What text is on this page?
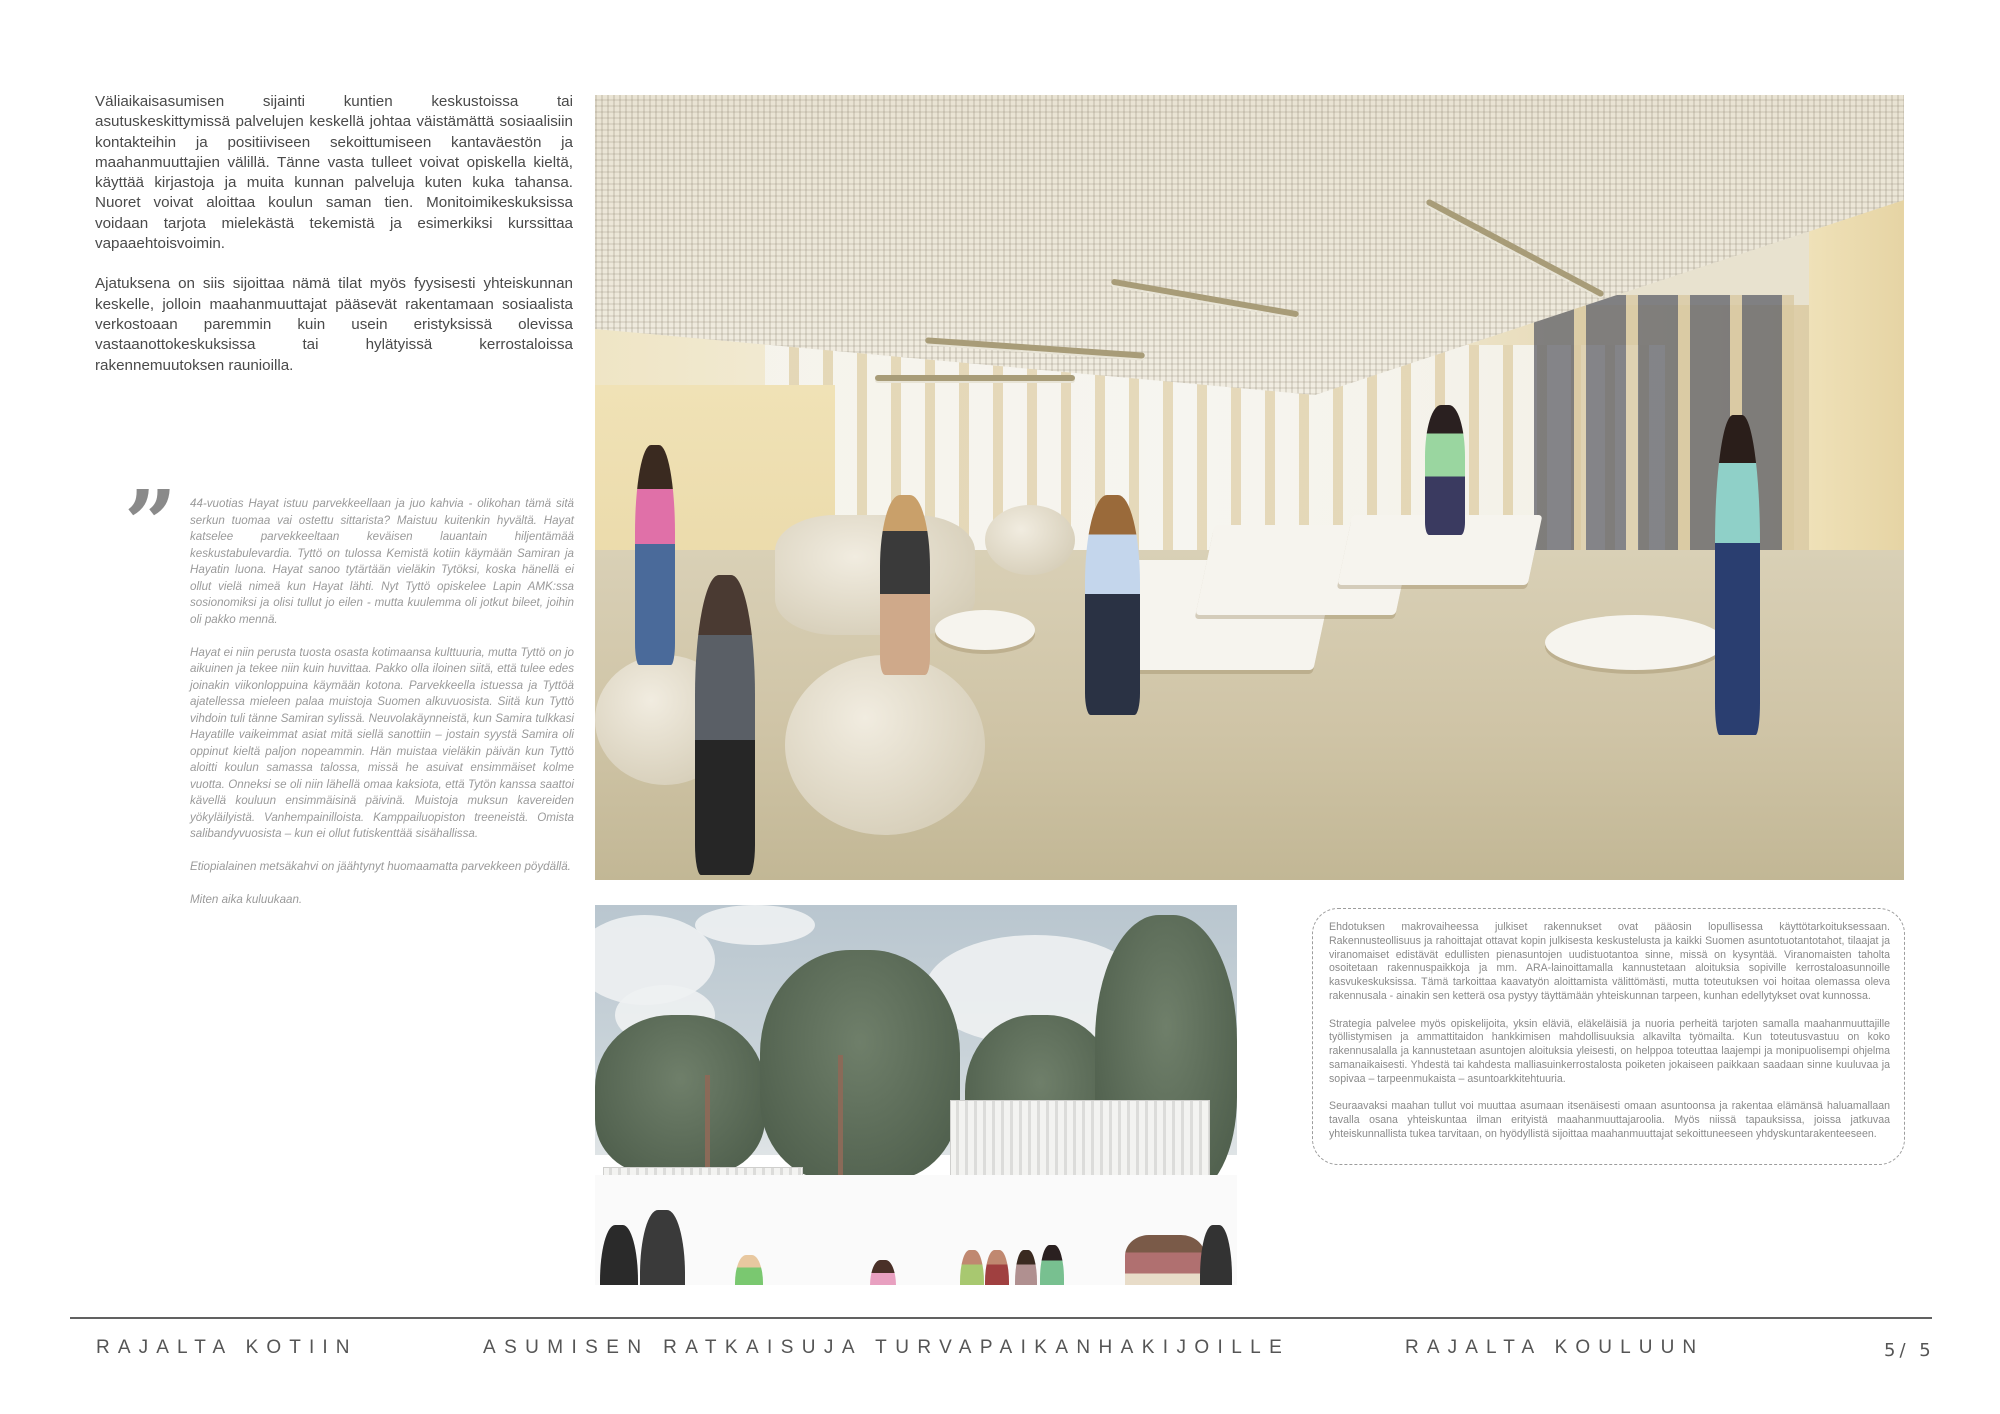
Väliaikaisasumisen sijainti kuntien keskustoissa tai asutuskeskittymissä palvelujen keskellä johtaa väistämättä sosiaalisiin kontakteihin ja positiiviseen sekoittumiseen kantaväestön ja maahanmuuttajien välillä. Tänne vasta tulleet voivat opiskella kieltä, käyttää kirjastoja ja muita kunnan palveluja kuten kuka tahansa. Nuoret voivat aloittaa koulun saman tien. Monitoimikeskuksissa voidaan tarjota mielekästä tekemistä ja esimerkiksi kurssittaa vapaaehtoisvoimin.

Ajatuksena on siis sijoittaa nämä tilat myös fyysisesti yhteiskunnan keskelle, jolloin maahanmuuttajat pääsevät rakentamaan sosiaalista verkostoaan paremmin kuin usein eristyksissä olevissa vastaanottokeskuksissa tai hylätyissä kerrostaloissa rakennemuutoksen raunioilla.

” 44-vuotias Hayat istuu parvekkeellaan ja juo kahvia - olikohan tämä sitä serkun tuomaa vai ostettu sittarista? Maistuu kuitenkin hyvältä. Hayat katselee parvekkeeltaan keväisen lauantain hiljentämää keskustabulevardia. Tyttö on tulossa Kemistä kotiin käymään Samiran ja Hayatin luona. Hayat sanoo tytärtään vieläkin Tytöksi, koska hänellä ei ollut vielä nimeä kun Hayat lähti. Nyt Tyttö opiskelee Lapin AMK:ssa sosionomiksi ja olisi tullut jo eilen - mutta kuulemma oli jotkut bileet, joihin oli pakko mennä.

Hayat ei niin perusta tuosta osasta kotimaansa kulttuuria, mutta Tyttö on jo aikuinen ja tekee niin kuin huvittaa. Pakko olla iloinen siitä, että tulee edes joinakin viikonloppuina käymään kotona. Parvekkeella istuessa ja Tyttöä ajatellessa mieleen palaa muistoja Suomen alkuvuosista. Siitä kun Tyttö vihdoin tuli tänne Samiran sylissä. Neuvolakäynneistä, kun Samira tulkkasi Hayatille vaikeimmat asiat mitä siellä sanottiin – jostain syystä Samira oli oppinut kieltä paljon nopeammin. Hän muistaa vieläkin päivän kun Tyttö aloitti koulun samassa talossa, missä he asuivat ensimmäiset kolme vuotta. Onneksi se oli niin lähellä omaa kaksiota, että Tytön kanssa saattoi kävellä kouluun ensimmäisinä päivinä. Muistoja muksun kavereiden yökyläilyistä. Vanhempainilloista. Kamppailuopiston treeneistä. Omista salibandyvuosista – kun ei ollut futiskenttää sisähallissa.

Etiopialainen metsäkahvi on jäähtynyt huomaamatta parvekkeen pöydällä.

Miten aika kuluukaan.

Ehdotuksen makrovaiheessa julkiset rakennukset ovat pääosin lopullisessa käyttötarkoituksessaan. Rakennusteollisuus ja rahoittajat ottavat kopin julkisesta keskustelusta ja kaikki Suomen asuntotuotantotahot, tilaajat ja viranomaiset edistävät edullisten pienasuntojen uudistuotantoa sinne, missä on kysyntää. Viranomaisten taholta osoitetaan rakennuspaikkoja ja mm. ARA-lainoittamalla kannustetaan aloituksia sopiville kerrostaloasunnoille kasvukeskuksissa. Tämä tarkoittaa kaavatyön aloittamista välittömästi, mutta toteutuksen voi hoitaa olemassa oleva rakennusala - ainakin sen ketterä osa pystyy täyttämään yhteiskunnan tarpeen, kunhan edellytykset ovat kunnossa.

Strategia palvelee myös opiskelijoita, yksin eläviä, eläkeläisiä ja nuoria perheitä tarjoten samalla maahanmuuttajille työllistymisen ja ammattitaidon hankkimisen mahdollisuuksia alkavilta työmailta. Kun toteutusvastuu on koko rakennusalalla ja kannustetaan asuntojen aloituksia yleisesti, on helppoa toteuttaa laajempi ja monipuolisempi ohjelma samanaikaisesti. Yhdestä tai kahdesta malliasuinkerrostalosta poiketen jokaiseen paikkaan saadaan sinne kuuluvaa ja sopivaa – tarpeenmukaista – asuntoarkkitehtuuria.

Seuraavaksi maahan tullut voi muuttaa asumaan itsenäisesti omaan asuntoonsa ja rakentaa elämänsä haluamallaan tavalla osana yhteiskuntaa ilman erityistä maahanmuuttajaroolia. Myös niissä tapauksissa, joissa jatkuvaa yhteiskunnallista tukea tarvitaan, on hyödyllistä sijoittaa maahanmuuttajat sekoittuneeseen yhdyskuntarakenteeseen.

RAJALTA KOTIIN	ASUMISEN RATKAISUJA TURVAPAIKANHAKIJOILLE	RAJALTA KOULUUN	5/ 5
